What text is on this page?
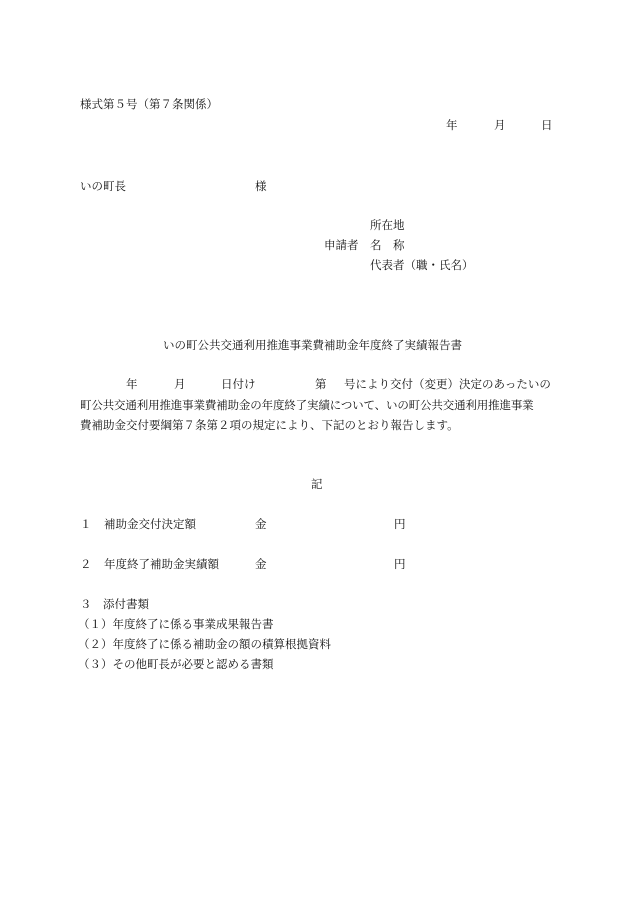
様式第５号（第７条関係）
年	月	日
いの町長	様
所在地
申請者 名　称
代表者（職・氏名）
いの町公共交通利用推進事業費補助金年度終了実績報告書
年	月	日付け	第 号により交付（変更）決定のあったいの
町公共交通利用推進事業費補助金の年度終了実績について、いの町公共交通利用推進事業
費補助金交付要綱第７条第２項の規定により、下記のとおり報告します。
記
１ 補助金交付決定額	金	円
２ 年度終了補助金実績額	金	円
３　添付書類
（１）年度終了に係る事業成果報告書
（２）年度終了に係る補助金の額の積算根拠資料
（３）その他町長が必要と認める書類
